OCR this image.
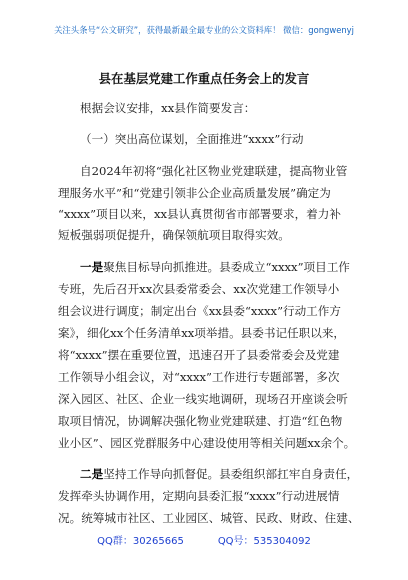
关注头条号“公文研究”，获得最新最全最专业的公文资料库！ 微信：gongwenyj
县在基层党建工作重点任务会上的发言
根据会议安排，xx县作简要发言：
（一）突出高位谋划，全面推进“xxxx”行动
自2024年初将“强化社区物业党建联建，提高物业管
理服务水平”和“党建引领非公企业高质量发展”确定为
“xxxx”项目以来，xx县认真贯彻省市部署要求，着力补
短板强弱项促提升，确保领航项目取得实效。
一是聚焦目标导向抓推进。县委成立“xxxx”项目工作
专班，先后召开xx次县委常委会、xx次党建工作领导小
组会议进行调度；制定出台《xx县委“xxxx”行动工作方
案》，细化xx个任务清单xx项举措。县委书记任职以来，
将“xxxx”摆在重要位置，迅速召开了县委常委会及党建
工作领导小组会议，对“xxxx”工作进行专题部署，多次
深入园区、社区、企业一线实地调研，现场召开座谈会听
取项目情况，协调解决强化物业党建联建、打造“红色物
业小区”、园区党群服务中心建设使用等相关问题xx余个。
二是坚持工作导向抓督促。县委组织部扛牢自身责任，
发挥牵头协调作用，定期向县委汇报“xxxx”行动进展情
况。统筹城市社区、工业园区、城管、民政、财政、住建、
QQ群：30265665	QQ号：535304092
